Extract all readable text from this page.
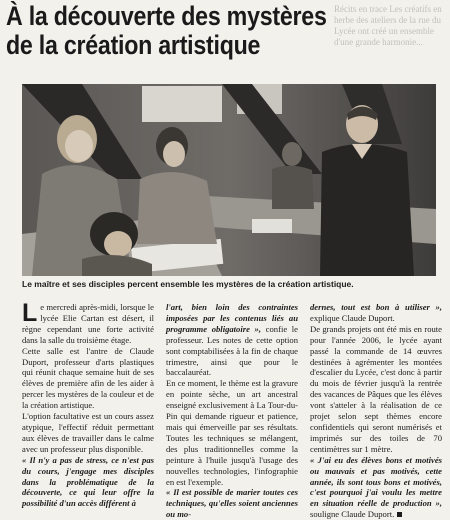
Récits en trace Les créatifs en herbe des ateliers de la rue du Lycée ont créé un ensemble d'une grande harmonie...
À la découverte des mystères
de la création artistique
Le maître et ses disciples percent ensemble les mystères de la création artistique.

Le mercredi après-midi, lorsque le lycée Elie Cartan est désert, il règne cependant une forte activité dans la salle du troisième étage.

Cette salle est l'antre de Claude Duport, professeur d'arts plastiques qui réunit chaque semaine huit de ses élèves de première afin de les aider à percer les mystères de la couleur et de la création artistique.

L'option facultative est un cours assez atypique, l'effectif réduit permettant aux élèves de travailler dans le calme avec un professeur plus disponible.

« Il n'y a pas de stress, ce n'est pas du cours, j'engage mes disciples dans la problématique de la découverte, ce qui leur offre la possibilité d'un accès différent à

l'art, bien loin des contraintes imposées par les contenus liés au programme obligatoire », confie le professeur. Les notes de cette option sont comptabilisées à la fin de chaque trimestre, ainsi que pour le baccalauréat.

En ce moment, le thème est la gravure en pointe sèche, un art ancestral enseigné exclusivement à La Tour-du-Pin qui demande rigueur et patience, mais qui émerveille par ses résultats. Toutes les techniques se mélangent, des plus traditionnelles comme la peinture à l'huile jusqu'à l'usage des nouvelles technologies, l'infographie en est l'exemple.

« Il est possible de marier toutes ces techniques, qu'elles soient anciennes ou mo-

dernes, tout est bon à utiliser », explique Claude Duport.

De grands projets ont été mis en route pour l'année 2006, le lycée ayant passé la commande de 14 œuvres destinées à agrémenter les montées d'escalier du Lycée, c'est donc à partir du mois de février jusqu'à la rentrée des vacances de Pâques que les élèves vont s'atteler à la réalisation de ce projet selon sept thèmes encore confidentiels qui seront numérisés et imprimés sur des toiles de 70 centimètres sur 1 mètre.

« J'ai eu des élèves bons et motivés ou mauvais et pas motivés, cette année, ils sont tous bons et motivés, c'est pourquoi j'ai voulu les mettre en situation réelle de production », souligne Claude Duport.
